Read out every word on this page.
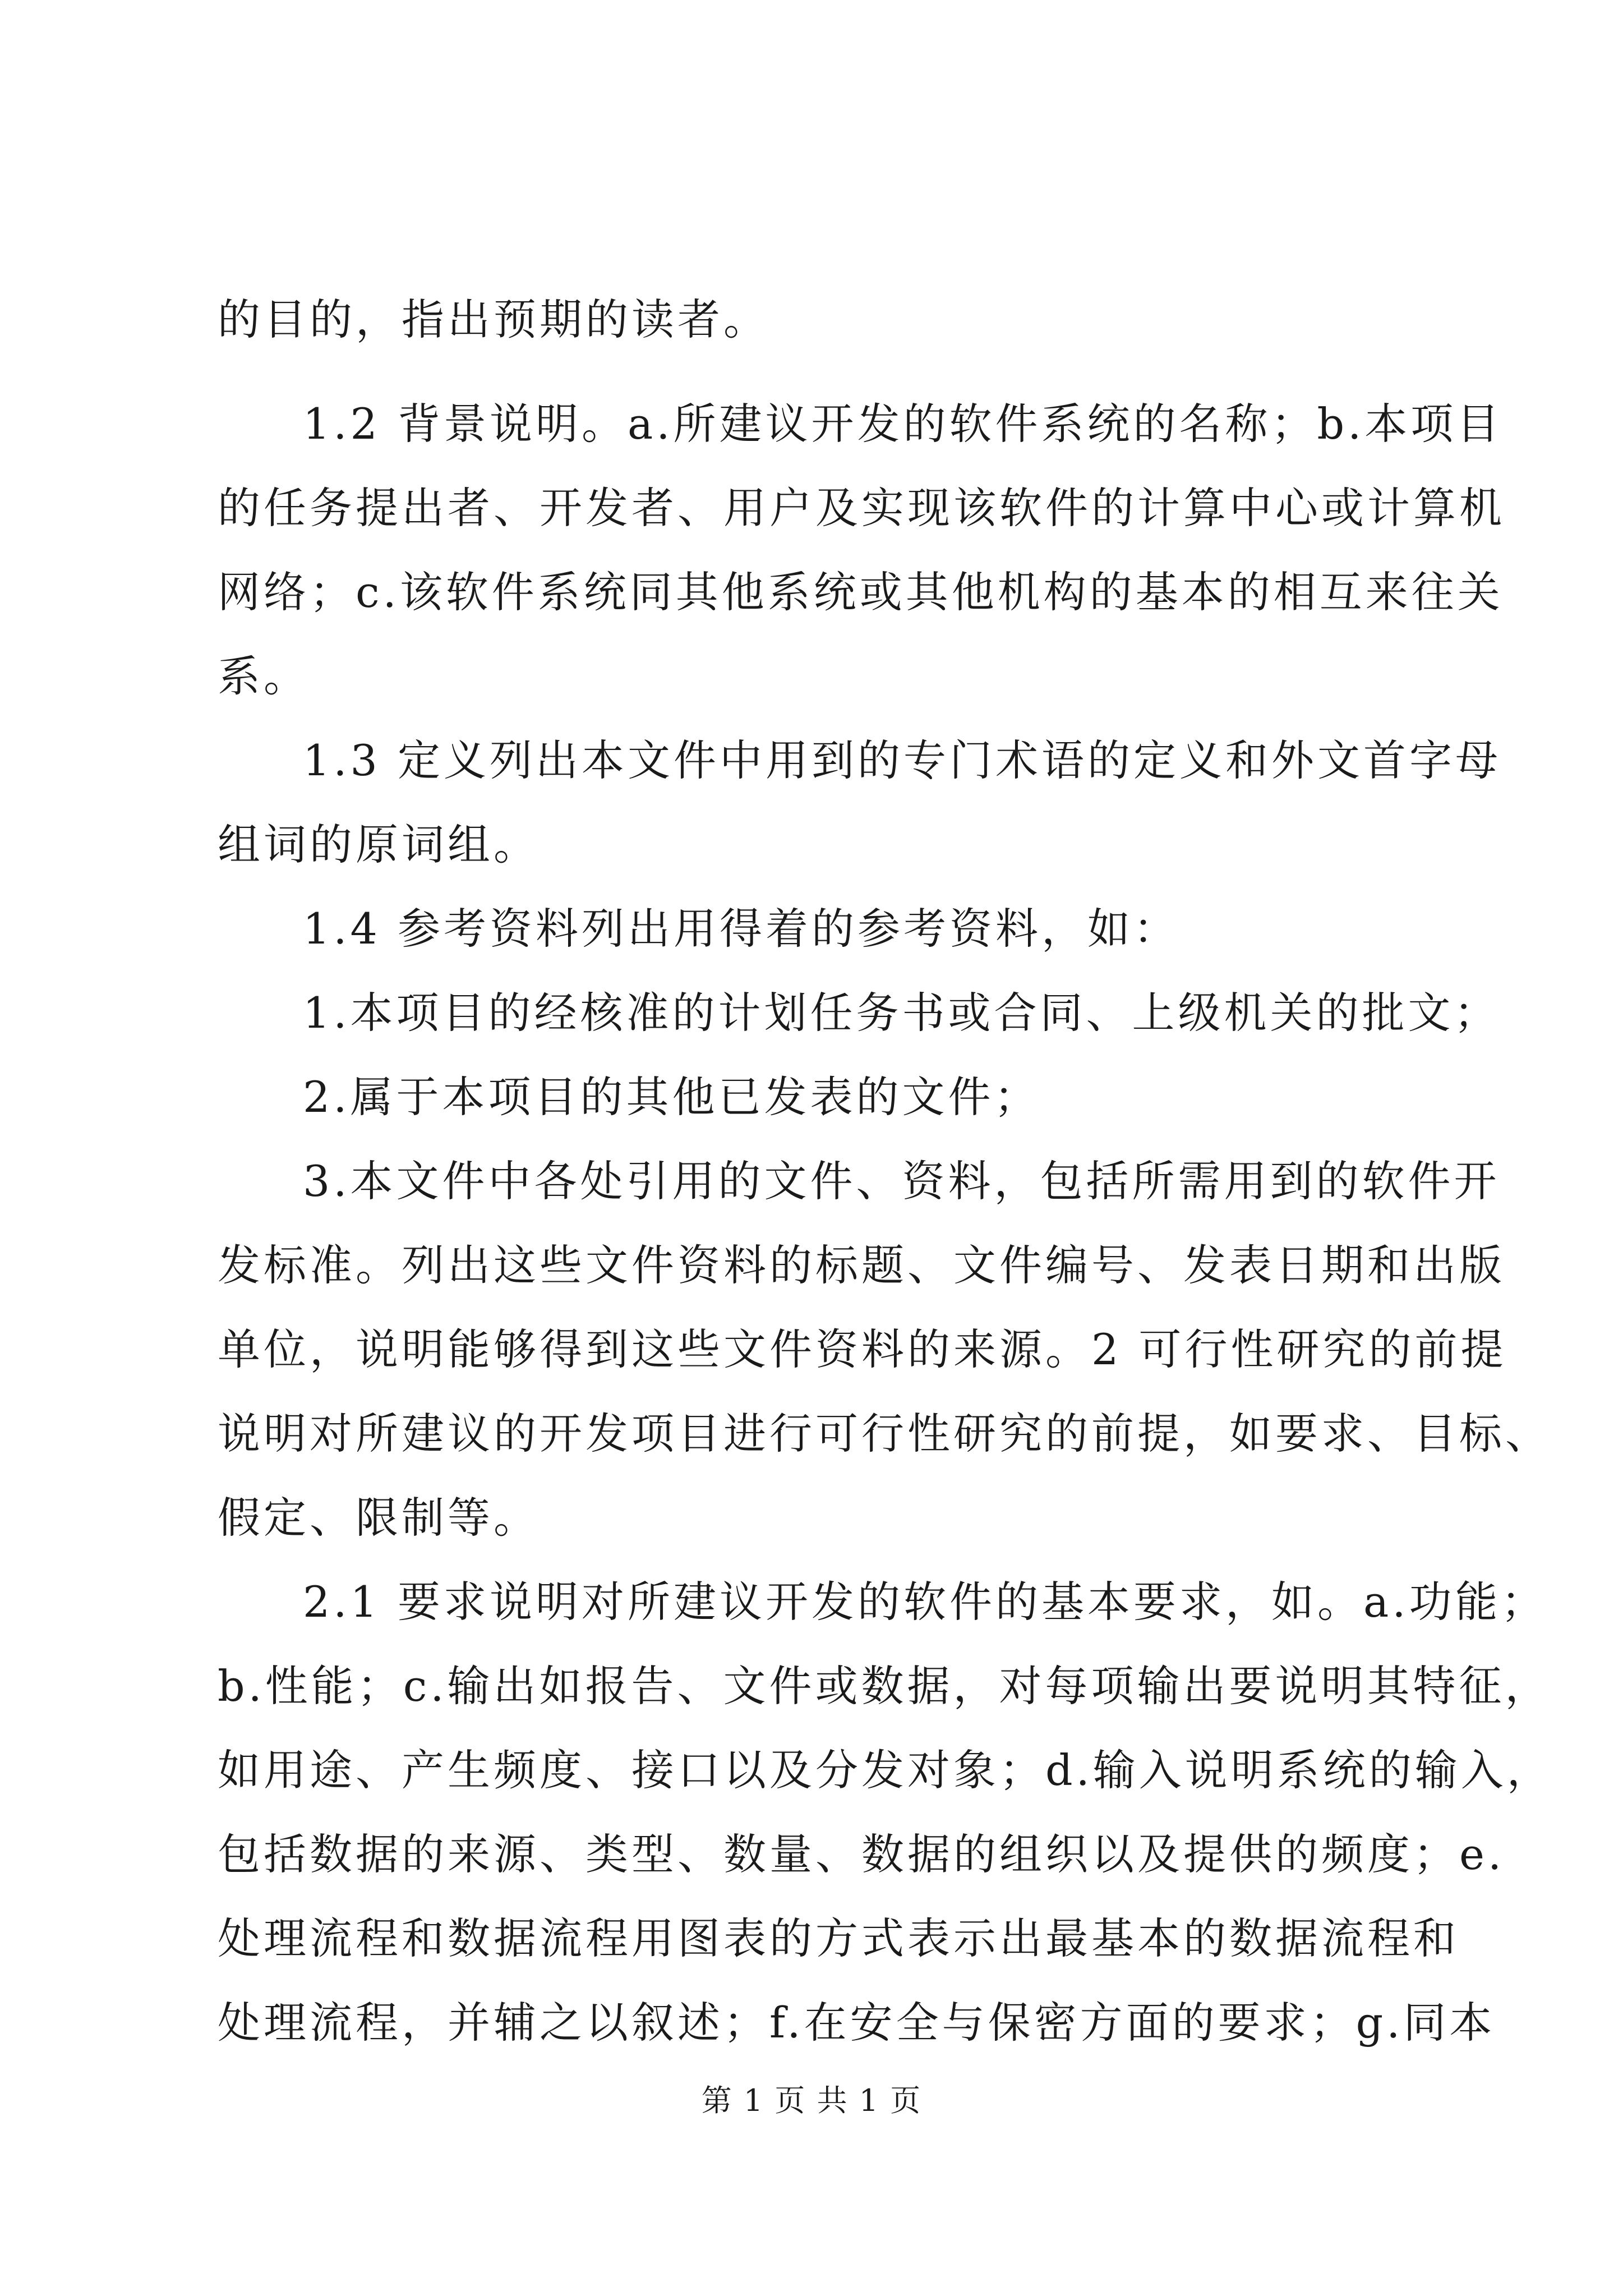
的目的，指出预期的读者。
1.2 背景说明。a.所建议开发的软件系统的名称；b.本项目
的任务提出者、开发者、用户及实现该软件的计算中心或计算机
网络；c.该软件系统同其他系统或其他机构的基本的相互来往关
系。
1.3 定义列出本文件中用到的专门术语的定义和外文首字母
组词的原词组。
1.4 参考资料列出用得着的参考资料，如：
1.本项目的经核准的计划任务书或合同、上级机关的批文；
2.属于本项目的其他已发表的文件；
3.本文件中各处引用的文件、资料，包括所需用到的软件开
发标准。列出这些文件资料的标题、文件编号、发表日期和出版
单位，说明能够得到这些文件资料的来源。2 可行性研究的前提
说明对所建议的开发项目进行可行性研究的前提，如要求、目标、
假定、限制等。
2.1 要求说明对所建议开发的软件的基本要求，如。a.功能；
b.性能；c.输出如报告、文件或数据，对每项输出要说明其特征，
如用途、产生频度、接口以及分发对象；d.输入说明系统的输入，
包括数据的来源、类型、数量、数据的组织以及提供的频度；e.
处理流程和数据流程用图表的方式表示出最基本的数据流程和
处理流程，并辅之以叙述；f.在安全与保密方面的要求；g.同本
第 1 页 共 1 页
